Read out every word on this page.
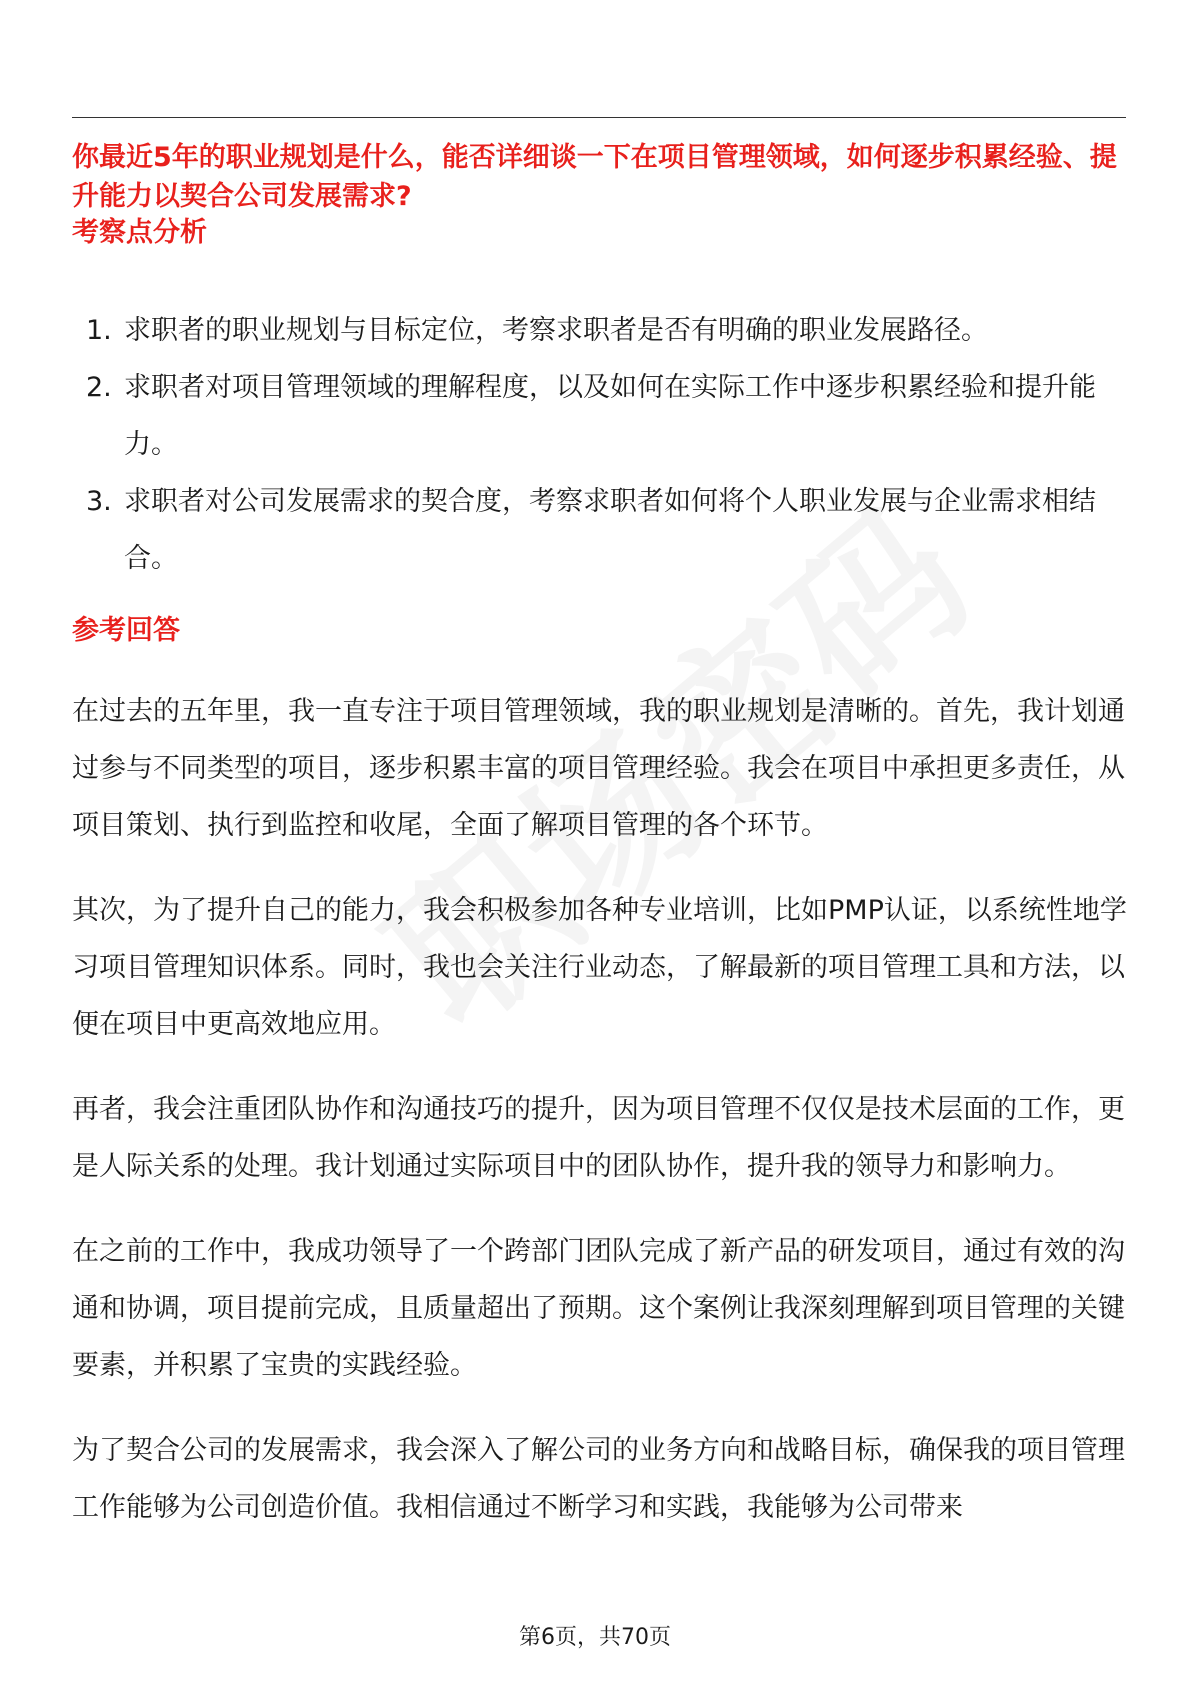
你最近5年的职业规划是什么，能否详细谈一下在项目管理领域，如何逐步积累经验、提升能力以契合公司发展需求?
考察点分析
1. 求职者的职业规划与目标定位，考察求职者是否有明确的职业发展路径。
2. 求职者对项目管理领域的理解程度，以及如何在实际工作中逐步积累经验和提升能力。
3. 求职者对公司发展需求的契合度，考察求职者如何将个人职业发展与企业需求相结合。
参考回答

在过去的五年里，我一直专注于项目管理领域，我的职业规划是清晰的。首先，我计划通过参与不同类型的项目，逐步积累丰富的项目管理经验。我会在项目中承担更多责任，从项目策划、执行到监控和收尾，全面了解项目管理的各个环节。

其次，为了提升自己的能力，我会积极参加各种专业培训，比如PMP认证，以系统性地学习项目管理知识体系。同时，我也会关注行业动态，了解最新的项目管理工具和方法，以便在项目中更高效地应用。

再者，我会注重团队协作和沟通技巧的提升，因为项目管理不仅仅是技术层面的工作，更是人际关系的处理。我计划通过实际项目中的团队协作，提升我的领导力和影响力。

在之前的工作中，我成功领导了一个跨部门团队完成了新产品的研发项目，通过有效的沟通和协调，项目提前完成，且质量超出了预期。这个案例让我深刻理解到项目管理的关键要素，并积累了宝贵的实践经验。

为了契合公司的发展需求，我会深入了解公司的业务方向和战略目标，确保我的项目管理工作能够为公司创造价值。我相信通过不断学习和实践，我能够为公司带来

第6页，共70页
